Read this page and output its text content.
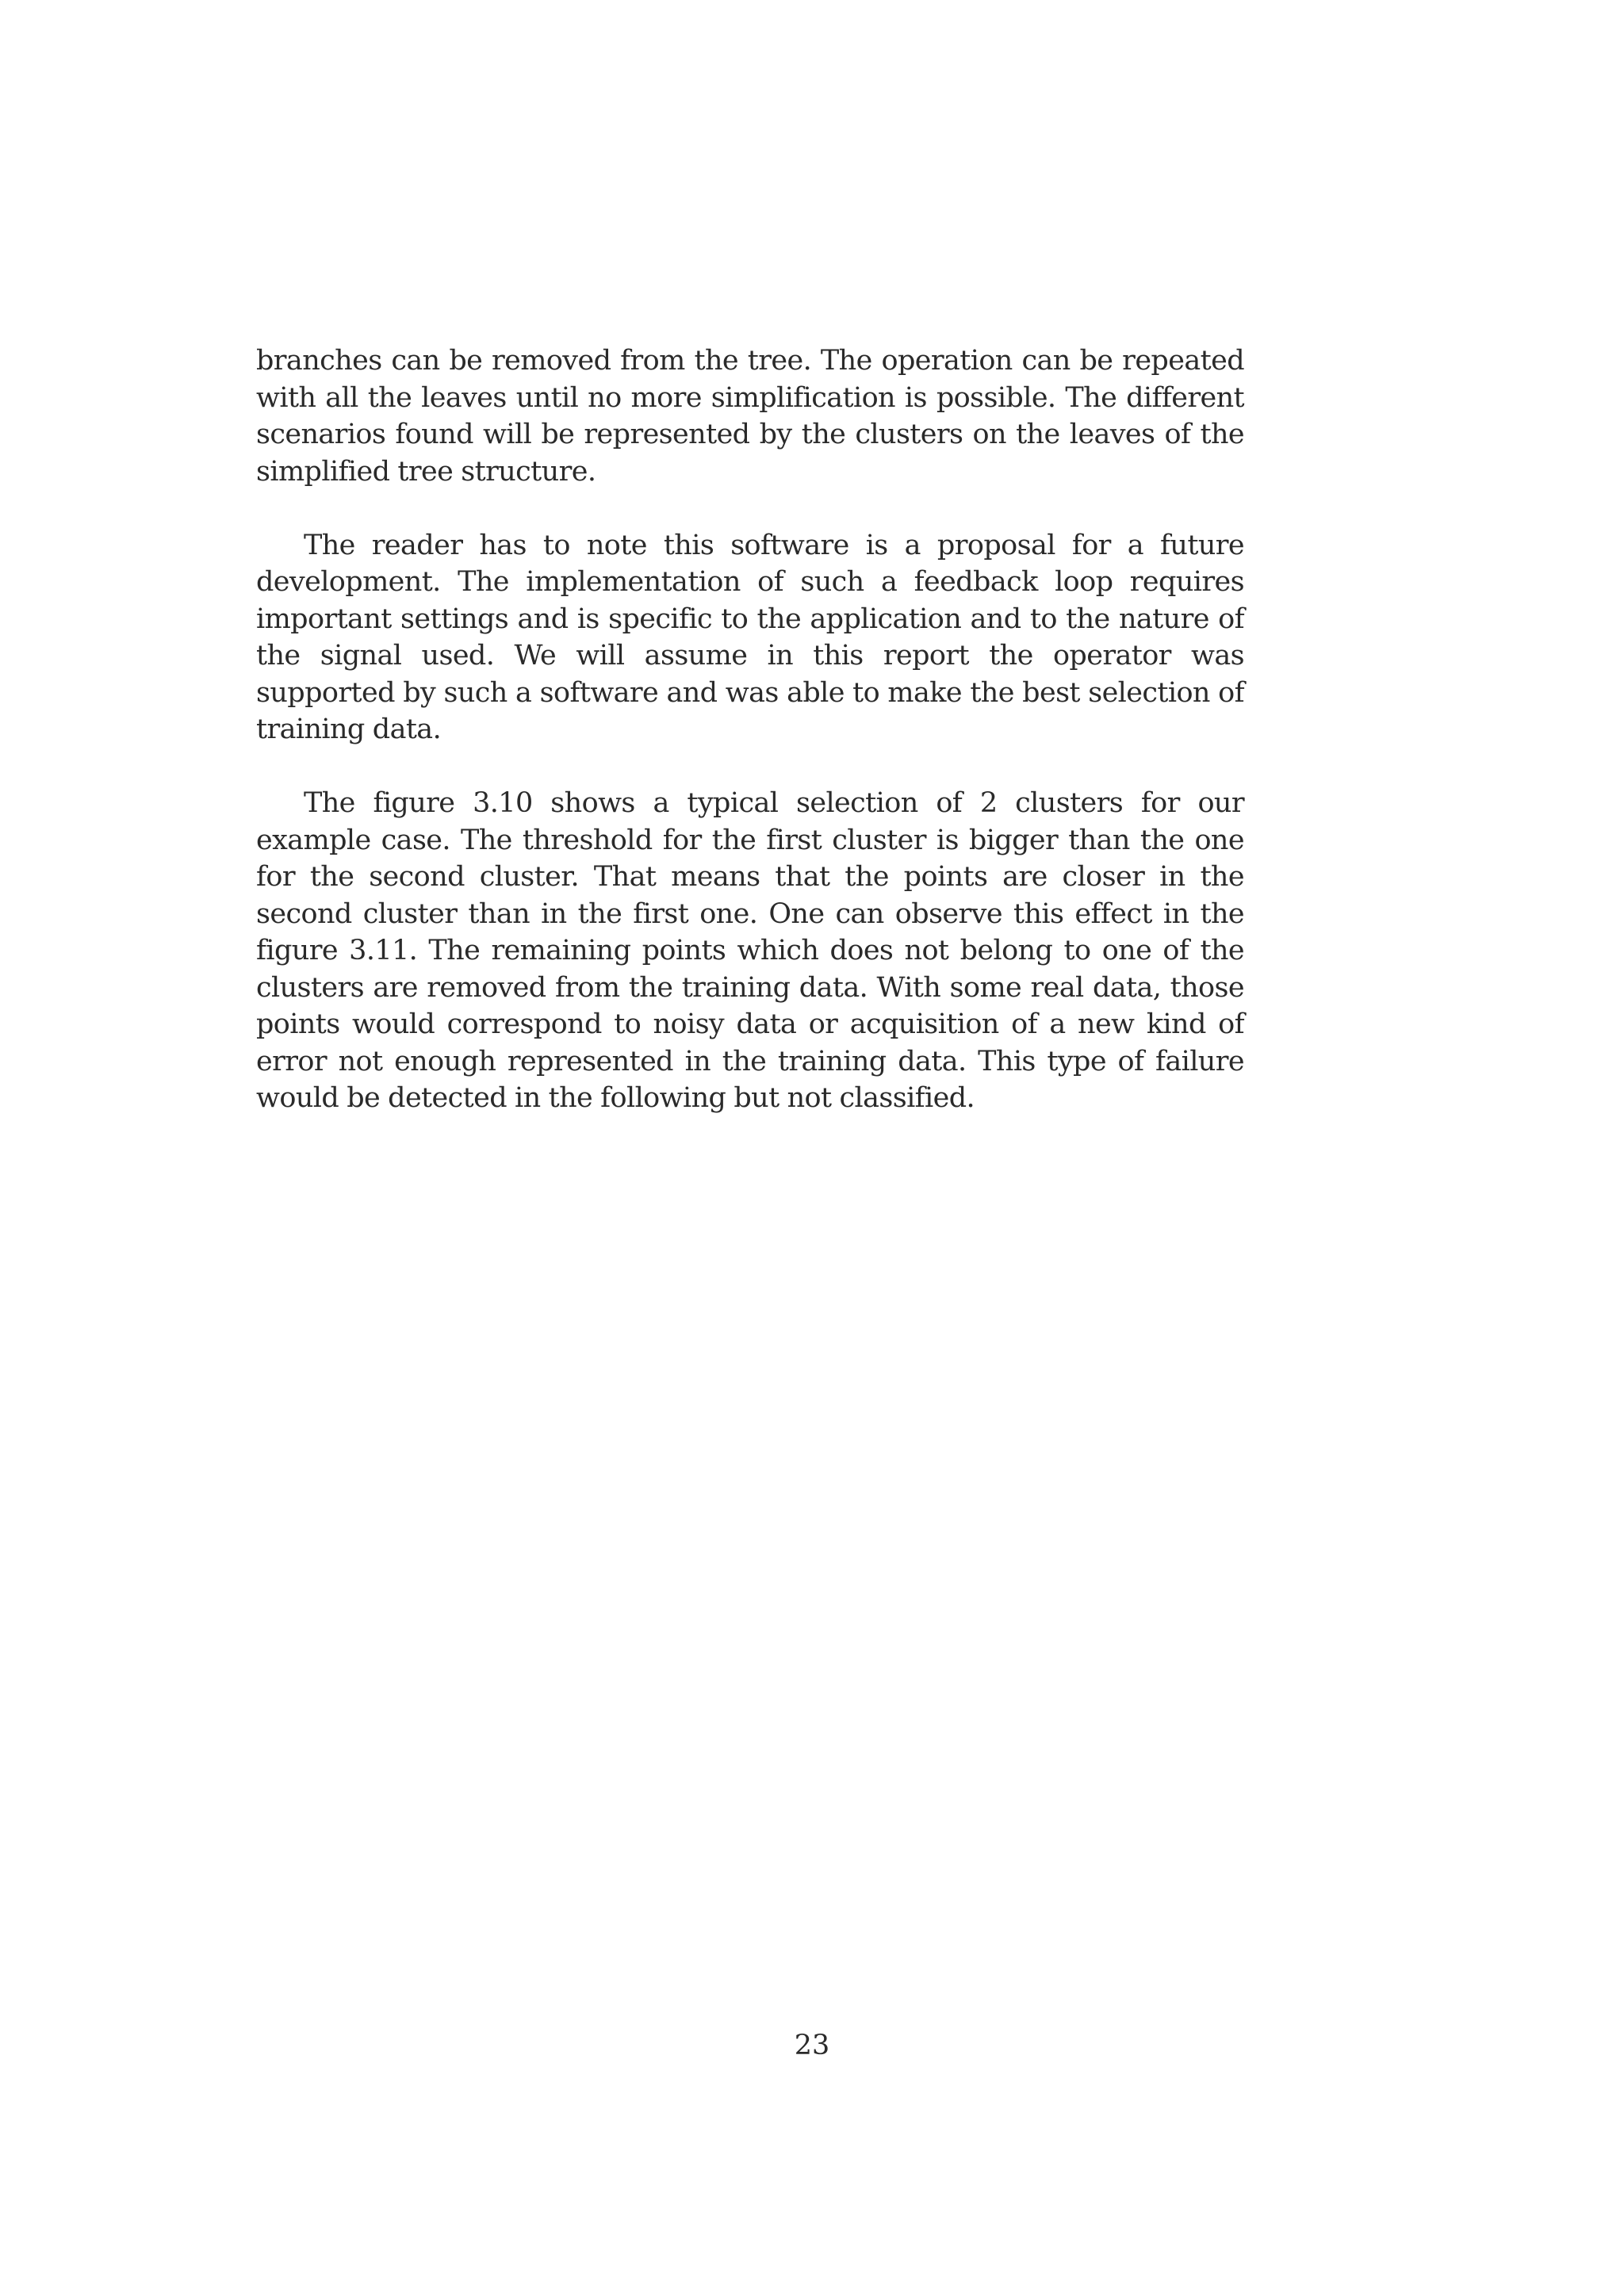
branches can be removed from the tree. The operation can be repeated with all the leaves until no more simplification is possible. The different scenarios found will be represented by the clusters on the leaves of the simplified tree structure.

The reader has to note this software is a proposal for a future development. The implementation of such a feedback loop requires important settings and is specific to the application and to the nature of the signal used. We will assume in this report the operator was supported by such a software and was able to make the best selection of training data.

The figure 3.10 shows a typical selection of 2 clusters for our example case. The threshold for the first cluster is bigger than the one for the second cluster. That means that the points are closer in the second cluster than in the first one. One can observe this effect in the figure 3.11. The remaining points which does not belong to one of the clusters are removed from the training data. With some real data, those points would correspond to noisy data or acquisition of a new kind of error not enough represented in the training data. This type of failure would be detected in the following but not classified.

23
